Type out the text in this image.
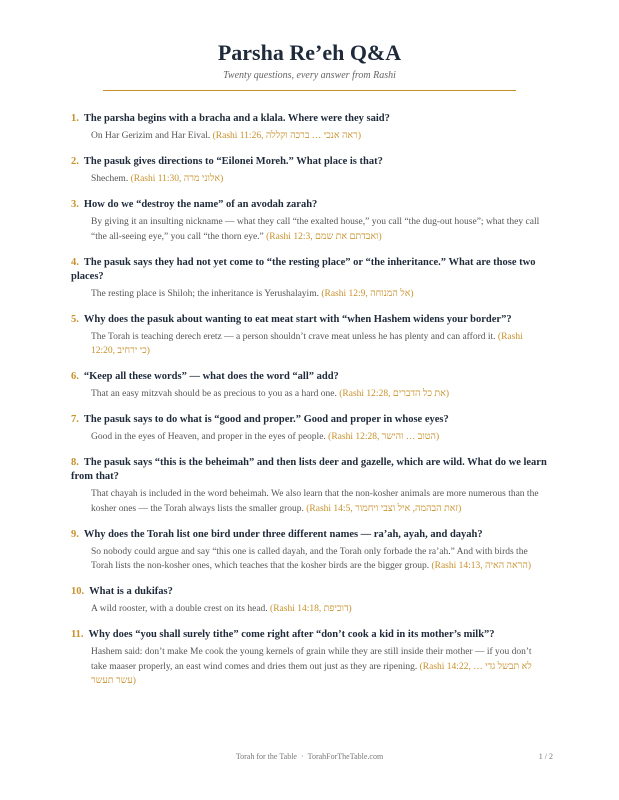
Parsha Re’eh Q&A
Twenty questions, every answer from Rashi
1. The parsha begins with a bracha and a klala. Where were they said?
On Har Gerizim and Har Eival. (Rashi 11:26, ראה אנכי … ברכה וקללה)
2. The pasuk gives directions to “Eilonei Moreh.” What place is that?
Shechem. (Rashi 11:30, אלוני מרה)
3. How do we “destroy the name” of an avodah zarah?
By giving it an insulting nickname — what they call “the exalted house,” you call “the dug-out house”; what they call “the all-seeing eye,” you call “the thorn eye.” (Rashi 12:3, ואבדתם את שמם)
4. The pasuk says they had not yet come to “the resting place” or “the inheritance.” What are those two places?
The resting place is Shiloh; the inheritance is Yerushalayim. (Rashi 12:9, אל המנוחה)
5. Why does the pasuk about wanting to eat meat start with “when Hashem widens your border”?
The Torah is teaching derech eretz — a person shouldn’t crave meat unless he has plenty and can afford it. (Rashi 12:20, כי ירחיב)
6. “Keep all these words” — what does the word “all” add?
That an easy mitzvah should be as precious to you as a hard one. (Rashi 12:28, את כל הדברים)
7. The pasuk says to do what is “good and proper.” Good and proper in whose eyes?
Good in the eyes of Heaven, and proper in the eyes of people. (Rashi 12:28, הטוב … והישר)
8. The pasuk says “this is the beheimah” and then lists deer and gazelle, which are wild. What do we learn from that?
That chayah is included in the word beheimah. We also learn that the non-kosher animals are more numerous than the kosher ones — the Torah always lists the smaller group. (Rashi 14:5, זאת הבהמה, איל וצבי ויחמור)
9. Why does the Torah list one bird under three different names — ra’ah, ayah, and dayah?
So nobody could argue and say “this one is called dayah, and the Torah only forbade the ra’ah.” And with birds the Torah lists the non-kosher ones, which teaches that the kosher birds are the bigger group. (Rashi 14:13, הראה האיה)
10. What is a dukifas?
A wild rooster, with a double crest on its head. (Rashi 14:18, דוכיפת)
11. Why does “you shall surely tithe” come right after “don’t cook a kid in its mother’s milk”?
Hashem said: don’t make Me cook the young kernels of grain while they are still inside their mother — if you don’t take maaser properly, an east wind comes and dries them out just as they are ripening. (Rashi 14:22, לא תבשל גדי … עשר תעשר)
Torah for the Table · TorahForTheTable.com	1 / 2
